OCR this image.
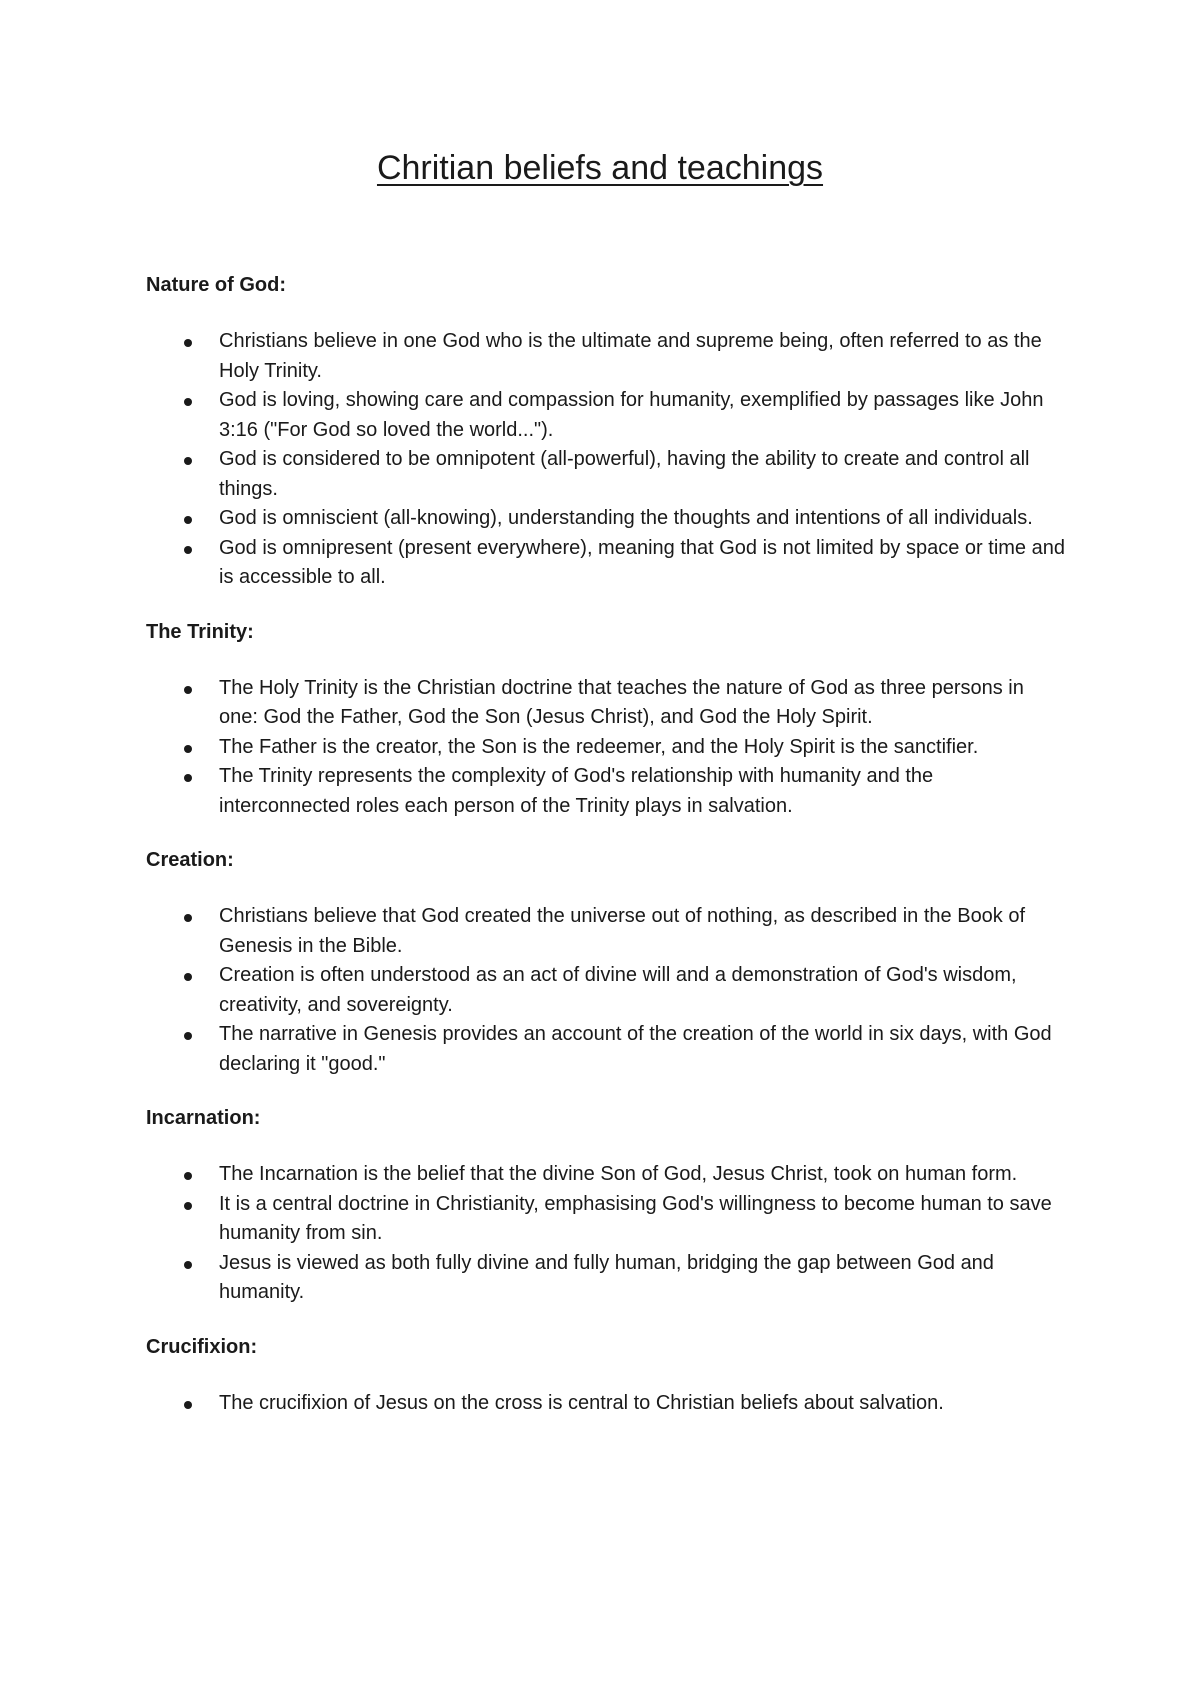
Chritian beliefs and teachings
Nature of God:
Christians believe in one God who is the ultimate and supreme being, often referred to as the Holy Trinity.
God is loving, showing care and compassion for humanity, exemplified by passages like John 3:16 ("For God so loved the world...").
God is considered to be omnipotent (all-powerful), having the ability to create and control all things.
God is omniscient (all-knowing), understanding the thoughts and intentions of all individuals.
God is omnipresent (present everywhere), meaning that God is not limited by space or time and is accessible to all.
The Trinity:
The Holy Trinity is the Christian doctrine that teaches the nature of God as three persons in one: God the Father, God the Son (Jesus Christ), and God the Holy Spirit.
The Father is the creator, the Son is the redeemer, and the Holy Spirit is the sanctifier.
The Trinity represents the complexity of God's relationship with humanity and the interconnected roles each person of the Trinity plays in salvation.
Creation:
Christians believe that God created the universe out of nothing, as described in the Book of Genesis in the Bible.
Creation is often understood as an act of divine will and a demonstration of God's wisdom, creativity, and sovereignty.
The narrative in Genesis provides an account of the creation of the world in six days, with God declaring it "good."
Incarnation:
The Incarnation is the belief that the divine Son of God, Jesus Christ, took on human form.
It is a central doctrine in Christianity, emphasising God's willingness to become human to save humanity from sin.
Jesus is viewed as both fully divine and fully human, bridging the gap between God and humanity.
Crucifixion:
The crucifixion of Jesus on the cross is central to Christian beliefs about salvation.
